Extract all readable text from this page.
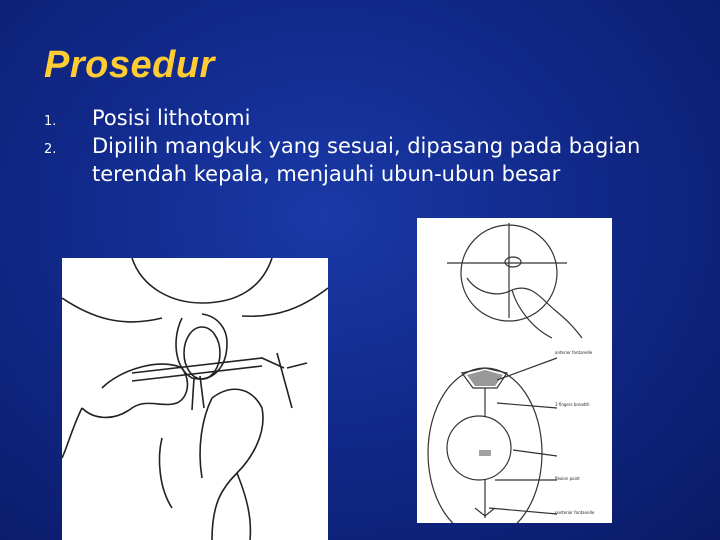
Prosedur
1. Posisi lithotomi
2. Dipilih mangkuk yang sesuai, dipasang pada bagian terendah kepala, menjauhi ubun-ubun besar
anterior fontanelle
3 fingers breadth
flexion point
posterior fontanelle
